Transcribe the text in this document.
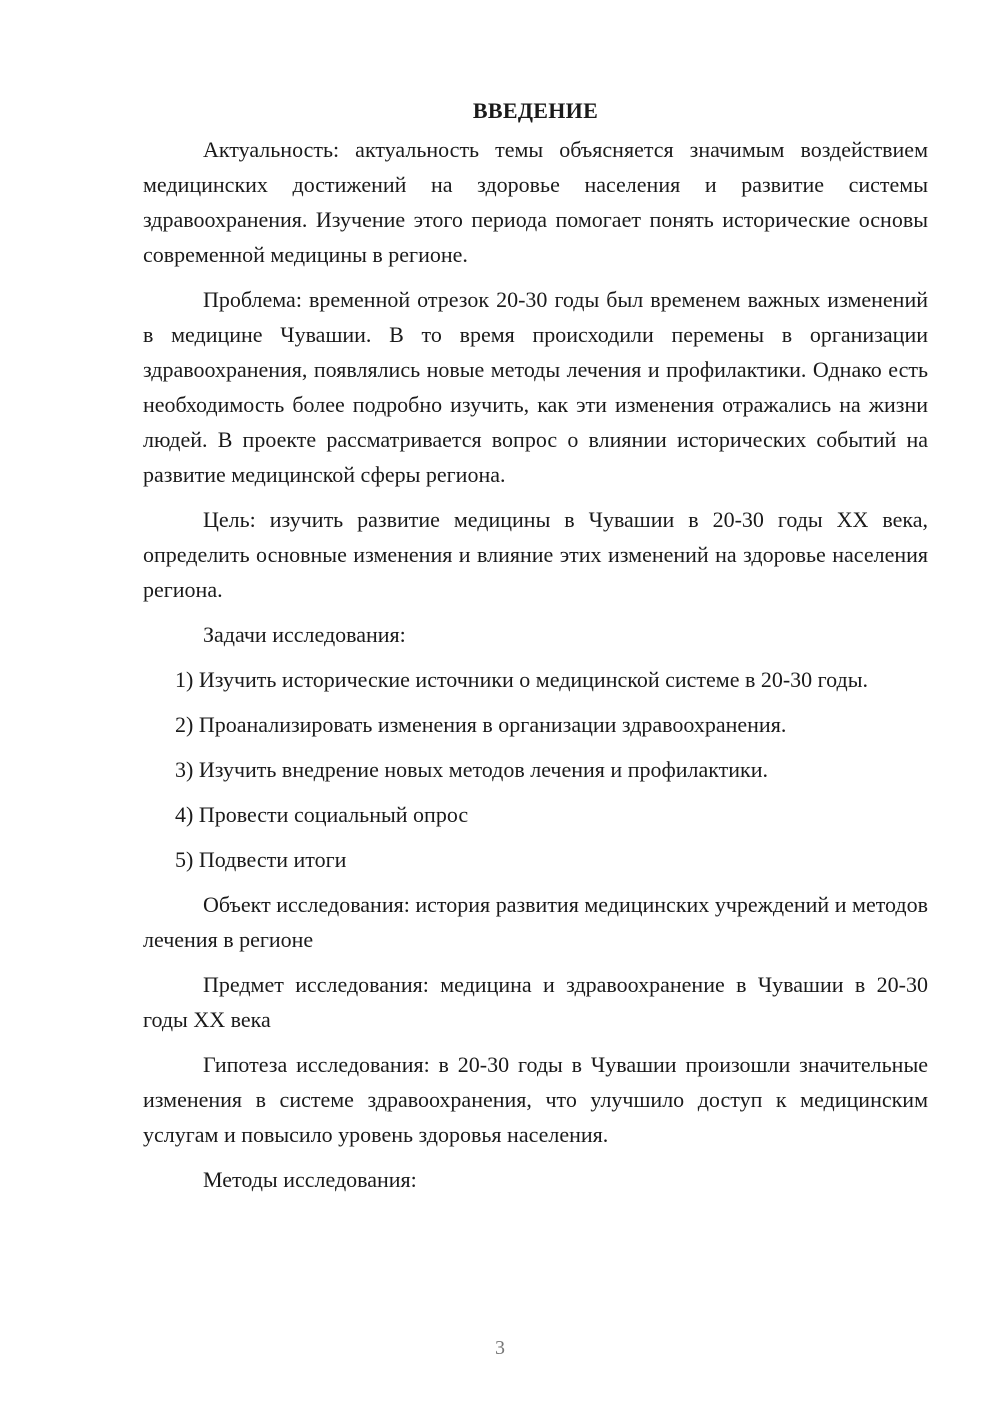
ВВЕДЕНИЕ

Актуальность: актуальность темы объясняется значимым воздействием медицинских достижений на здоровье населения и развитие системы здравоохранения. Изучение этого периода помогает понять исторические основы современной медицины в регионе.

Проблема: временной отрезок 20-30 годы был временем важных изменений в медицине Чувашии. В то время происходили перемены в организации здравоохранения, появлялись новые методы лечения и профилактики. Однако есть необходимость более подробно изучить, как эти изменения отражались на жизни людей. В проекте рассматривается вопрос о влиянии исторических событий на развитие медицинской сферы региона.

Цель: изучить развитие медицины в Чувашии в 20-30 годы XX века, определить основные изменения и влияние этих изменений на здоровье населения региона.

Задачи исследования:

1) Изучить исторические источники о медицинской системе в 20-30 годы.

2) Проанализировать изменения в организации здравоохранения.

3) Изучить внедрение новых методов лечения и профилактики.

4) Провести социальный опрос

5) Подвести итоги

Объект исследования: история развития медицинских учреждений и методов лечения в регионе

Предмет исследования: медицина и здравоохранение в Чувашии в 20-30 годы XX века

Гипотеза исследования: в 20-30 годы в Чувашии произошли значительные изменения в системе здравоохранения, что улучшило доступ к медицинским услугам и повысило уровень здоровья населения.

Методы исследования:

3
